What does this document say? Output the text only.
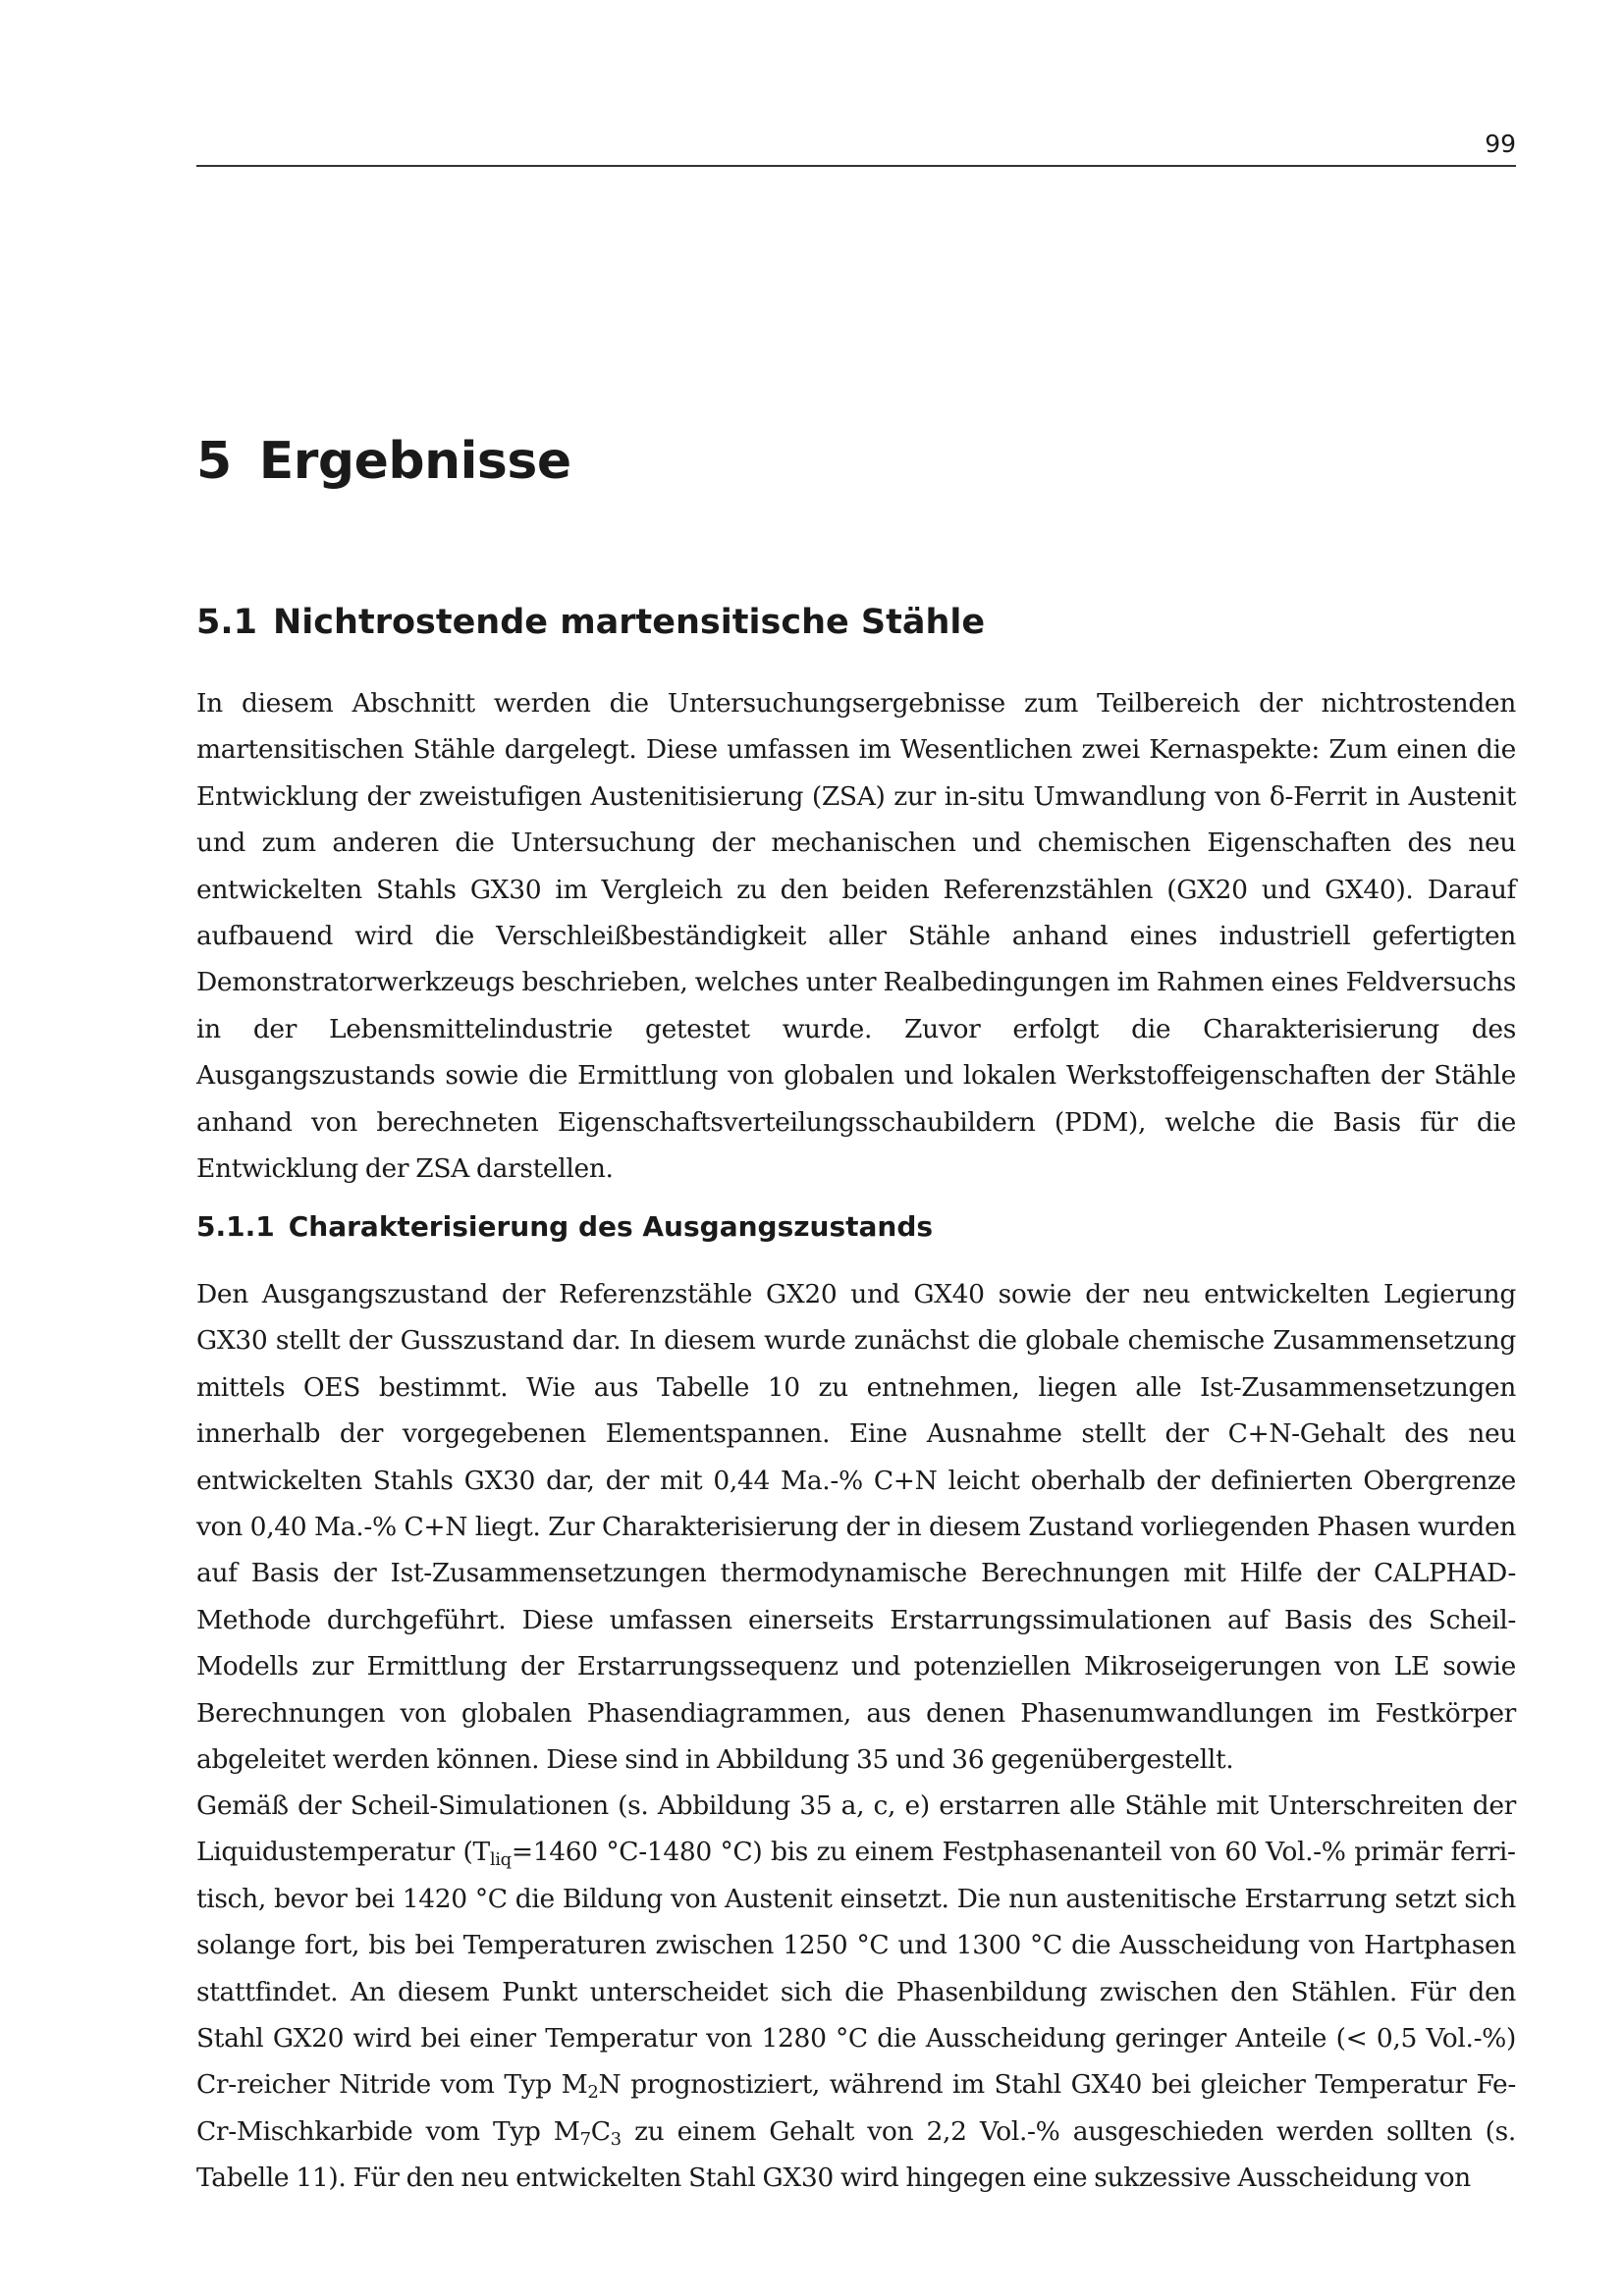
99
5 Ergebnisse
5.1 Nichtrostende martensitische Stähle

In diesem Abschnitt werden die Untersuchungsergebnisse zum Teilbereich der nichtrostenden martensitischen Stähle dargelegt. Diese umfassen im Wesentlichen zwei Kernaspekte: Zum einen die Entwicklung der zweistufigen Austenitisierung (ZSA) zur in-situ Umwandlung von δ-Ferrit in Austenit und zum anderen die Untersuchung der mechanischen und chemischen Eigenschaften des neu entwickelten Stahls GX30 im Vergleich zu den beiden Referenzstählen (GX20 und GX40). Darauf aufbauend wird die Verschleißbeständigkeit aller Stähle anhand eines industriell gefertigten Demonstratorwerkzeugs beschrieben, welches unter Realbedingungen im Rahmen eines Feldversuchs in der Lebensmittelindustrie getestet wurde. Zuvor erfolgt die Charakterisierung des Ausgangszustands sowie die Ermittlung von globalen und lokalen Werkstoffeigenschaften der Stähle anhand von berechneten Eigenschaftsverteilungsschaubildern (PDM), welche die Basis für die Entwicklung der ZSA darstellen.

5.1.1 Charakterisierung des Ausgangszustands

Den Ausgangszustand der Referenzstähle GX20 und GX40 sowie der neu entwickelten Legierung GX30 stellt der Gusszustand dar. In diesem wurde zunächst die globale chemische Zusammensetzung mittels OES bestimmt. Wie aus Tabelle 10 zu entnehmen, liegen alle Ist-Zusammensetzungen innerhalb der vorgegebenen Elementspannen. Eine Ausnahme stellt der C+N-Gehalt des neu entwickelten Stahls GX30 dar, der mit 0,44 Ma.-% C+N leicht oberhalb der definierten Obergrenze von 0,40 Ma.-% C+N liegt. Zur Charakterisierung der in diesem Zustand vorliegenden Phasen wurden auf Basis der Ist-Zusammensetzungen thermodynamische Berechnungen mit Hilfe der CALPHAD-Methode durchgeführt. Diese umfassen einerseits Erstarrungssimulationen auf Basis des Scheil-Modells zur Ermittlung der Erstarrungssequenz und potenziellen Mikroseigerungen von LE sowie Berechnungen von globalen Phasendiagrammen, aus denen Phasenumwandlungen im Festkörper abgeleitet werden können. Diese sind in Abbildung 35 und 36 gegenübergestellt.

Gemäß der Scheil-Simulationen (s. Abbildung 35 a, c, e) erstarren alle Stähle mit Unterschreiten der Liquidustemperatur ($T_{liq}=1460$ °C-1480 °C) bis zu einem Festphasenanteil von 60 Vol.-% primär ferritisch, bevor bei 1420 °C die Bildung von Austenit einsetzt. Die nun austenitische Erstarrung setzt sich solange fort, bis bei Temperaturen zwischen 1250 °C und 1300 °C die Ausscheidung von Hartphasen stattfindet. An diesem Punkt unterscheidet sich die Phasenbildung zwischen den Stählen. Für den Stahl GX20 wird bei einer Temperatur von 1280 °C die Ausscheidung geringer Anteile (< 0,5 Vol.-%) Cr-reicher Nitride vom Typ $M_2N$ prognostiziert, während im Stahl GX40 bei gleicher Temperatur Fe-Cr-Mischkarbide vom Typ $M_7C_3$ zu einem Gehalt von 2,2 Vol.-% ausgeschieden werden sollten (s. Tabelle 11). Für den neu entwickelten Stahl GX30 wird hingegen eine sukzessive Ausscheidung von
